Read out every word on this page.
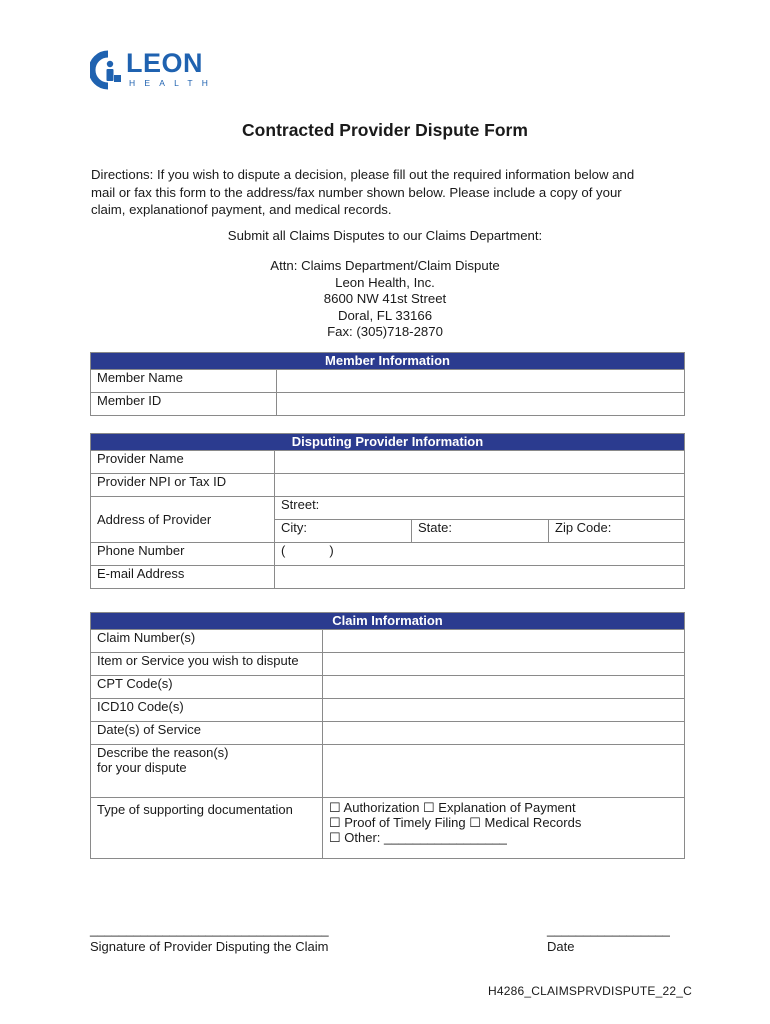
LEON
HEALTH
Contracted Provider Dispute Form
Directions: If you wish to dispute a decision, please fill out the required information below and
mail or fax this form to the address/fax number shown below. Please include a copy of your
claim, explanationof payment, and medical records.
Submit all Claims Disputes to our Claims Department:
Attn: Claims Department/Claim Dispute
Leon Health, Inc.
8600 NW 41st Street
Doral, FL 33166
Fax: (305)718-2870
Member Information	
Member Name	
Member ID	
Disputing Provider Information			
Provider Name			
Provider NPI or Tax ID			
Address of Provider	Street:		
	City:	State:	Zip Code:
Phone Number	( )		
E-mail Address			
Claim Information	
Claim Number(s)	
Item or Service you wish to dispute	
CPT Code(s)	
ICD10 Code(s)	
Date(s) of Service	

Describe the reason(s)
for your dispute	

Type of supporting documentation	☐ Authorization ☐ Explanation of Payment
☐ Proof of Timely Filing ☐ Medical Records
☐ Other: _________________
_________________________________
Signature of Provider Disputing the Claim
_________________
Date
H4286_CLAIMSPRVDISPUTE_22_C
